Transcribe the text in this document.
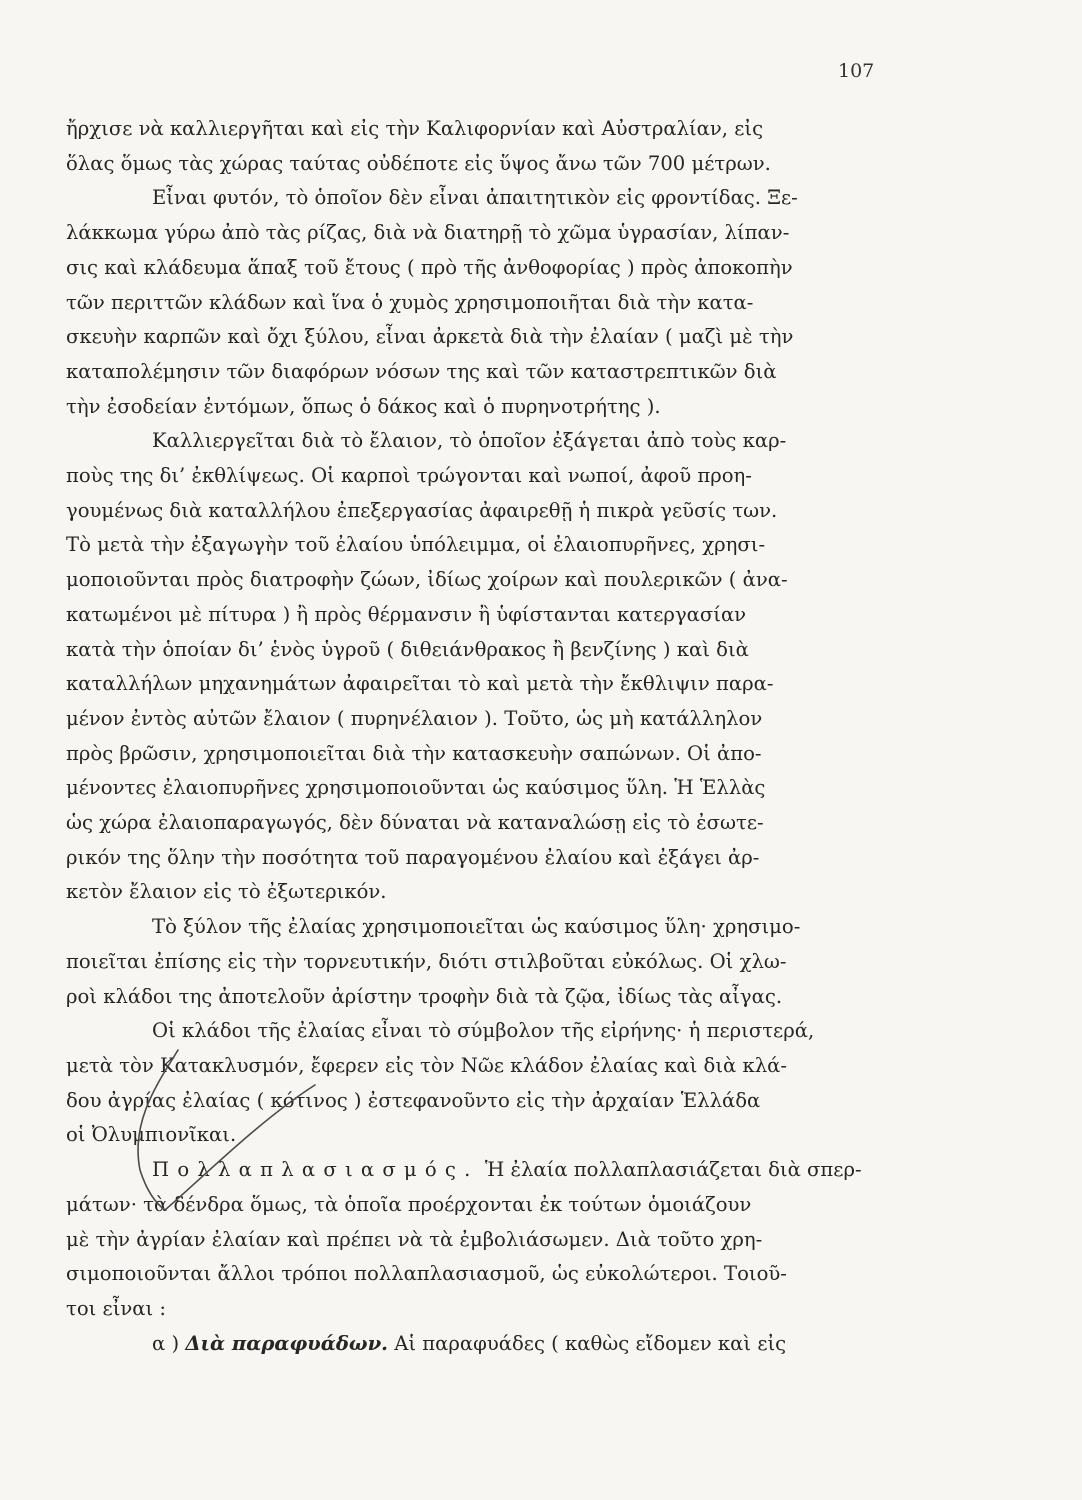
107
ἤρχισε νὰ καλλιεργῆται καὶ εἰς τὴν Καλιφορνίαν καὶ Αὐστραλίαν, εἰς
ὅλας ὅμως τὰς χώρας ταύτας οὐδέποτε εἰς ὕψος ἄνω τῶν 700 μέτρων.
Εἶναι φυτόν, τὸ ὁποῖον δὲν εἶναι ἀπαιτητικὸν εἰς φροντίδας. Ξε-
λάκκωμα γύρω ἀπὸ τὰς ρίζας, διὰ νὰ διατηρῇ τὸ χῶμα ὑγρασίαν, λίπαν-
σις καὶ κλάδευμα ἅπαξ τοῦ ἔτους ( πρὸ τῆς ἀνθοφορίας ) πρὸς ἀποκοπὴν
τῶν περιττῶν κλάδων καὶ ἵνα ὁ χυμὸς χρησιμοποιῆται διὰ τὴν κατα-
σκευὴν καρπῶν καὶ ὄχι ξύλου, εἶναι ἀρκετὰ διὰ τὴν ἐλαίαν ( μαζὶ μὲ τὴν
καταπολέμησιν τῶν διαφόρων νόσων της καὶ τῶν καταστρεπτικῶν διὰ
τὴν ἐσοδείαν ἐντόμων, ὅπως ὁ δάκος καὶ ὁ πυρηνοτρήτης ).
Καλλιεργεῖται διὰ τὸ ἔλαιον, τὸ ὁποῖον ἐξάγεται ἀπὸ τοὺς καρ-
ποὺς της δι’ ἐκθλίψεως. Οἱ καρποὶ τρώγονται καὶ νωποί, ἀφοῦ προη-
γουμένως διὰ καταλλήλου ἐπεξεργασίας ἀφαιρεθῇ ἡ πικρὰ γεῦσίς των.
Τὸ μετὰ τὴν ἐξαγωγὴν τοῦ ἐλαίου ὑπόλειμμα, οἱ ἐλαιοπυρῆνες, χρησι-
μοποιοῦνται πρὸς διατροφὴν ζώων, ἰδίως χοίρων καὶ πουλερικῶν ( ἀνα-
κατωμένοι μὲ πίτυρα ) ἢ πρὸς θέρμανσιν ἢ ὑφίστανται κατεργασίαν
κατὰ τὴν ὁποίαν δι’ ἑνὸς ὑγροῦ ( διθειάνθρακος ἢ βενζίνης ) καὶ διὰ
καταλλήλων μηχανημάτων ἀφαιρεῖται τὸ καὶ μετὰ τὴν ἔκθλιψιν παρα-
μένον ἐντὸς αὐτῶν ἔλαιον ( πυρηνέλαιον ). Τοῦτο, ὡς μὴ κατάλληλον
πρὸς βρῶσιν, χρησιμοποιεῖται διὰ τὴν κατασκευὴν σαπώνων. Οἱ ἀπο-
μένοντες ἐλαιοπυρῆνες χρησιμοποιοῦνται ὡς καύσιμος ὕλη. Ἡ Ἑλλὰς
ὡς χώρα ἐλαιοπαραγωγός, δὲν δύναται νὰ καταναλώσῃ εἰς τὸ ἐσωτε-
ρικόν της ὅλην τὴν ποσότητα τοῦ παραγομένου ἐλαίου καὶ ἐξάγει ἀρ-
κετὸν ἔλαιον εἰς τὸ ἐξωτερικόν.
Τὸ ξύλον τῆς ἐλαίας χρησιμοποιεῖται ὡς καύσιμος ὕλη· χρησιμο-
ποιεῖται ἐπίσης εἰς τὴν τορνευτικήν, διότι στιλβοῦται εὐκόλως. Οἱ χλω-
ροὶ κλάδοι της ἀποτελοῦν ἀρίστην τροφὴν διὰ τὰ ζῷα, ἰδίως τὰς αἶγας.
Οἱ κλάδοι τῆς ἐλαίας εἶναι τὸ σύμβολον τῆς εἰρήνης· ἡ περιστερά,
μετὰ τὸν Κατακλυσμόν, ἔφερεν εἰς τὸν Νῶε κλάδον ἐλαίας καὶ διὰ κλά-
δου ἀγρίας ἐλαίας ( κότινος ) ἐστεφανοῦντο εἰς τὴν ἀρχαίαν Ἑλλάδα
οἱ Ὀλυμπιονῖκαι.
Πολλαπλασιασμός. Ἡ ἐλαία πολλαπλασιάζεται διὰ σπερ-
μάτων· τὰ δένδρα ὅμως, τὰ ὁποῖα προέρχονται ἐκ τούτων ὁμοιάζουν
μὲ τὴν ἀγρίαν ἐλαίαν καὶ πρέπει νὰ τὰ ἐμβολιάσωμεν. Διὰ τοῦτο χρη-
σιμοποιοῦνται ἄλλοι τρόποι πολλαπλασιασμοῦ, ὡς εὐκολώτεροι. Τοιοῦ-
τοι εἶναι :
α ) Διὰ παραφυάδων. Αἱ παραφυάδες ( καθὼς εἴδομεν καὶ εἰς
